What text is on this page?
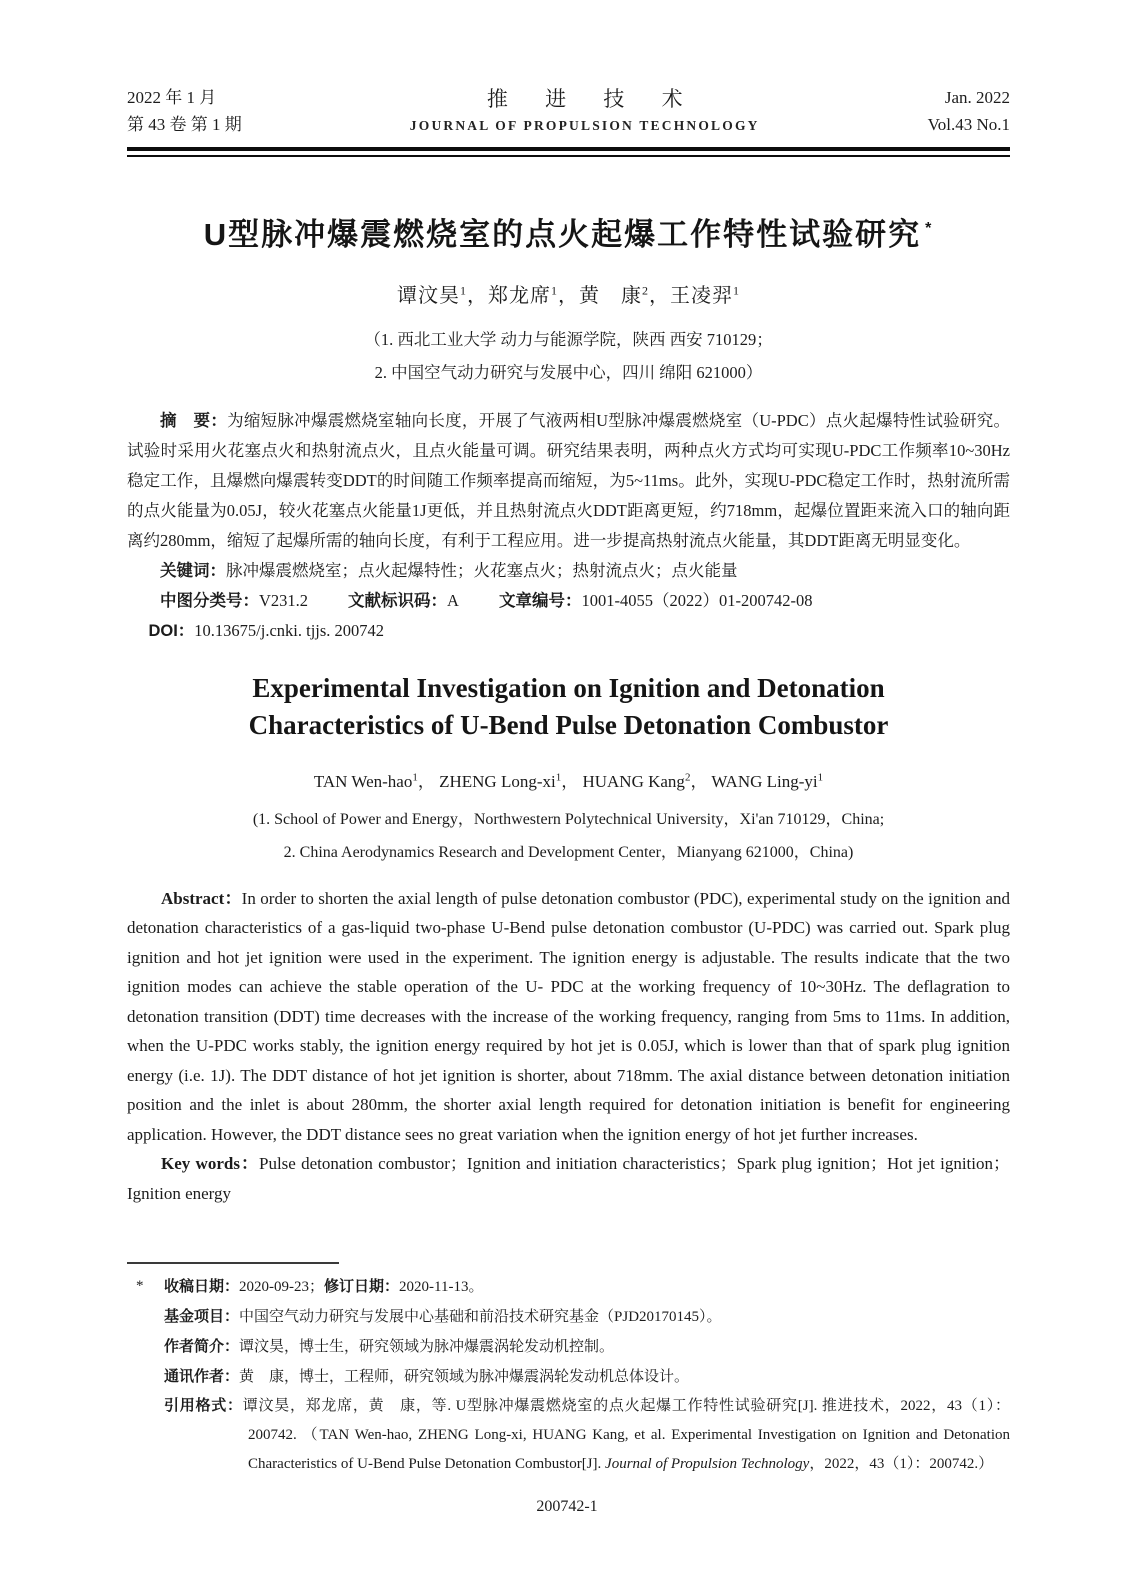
2022 年 1 月
第 43 卷 第 1 期
推 进 技 术
JOURNAL OF PROPULSION TECHNOLOGY
Jan. 2022
Vol.43 No.1
U型脉冲爆震燃烧室的点火起爆工作特性试验研究 *
谭汶昊$^1$，郑龙席$^1$，黄　康$^2$，王凌羿$^1$
（1. 西北工业大学 动力与能源学院，陕西 西安 710129；
2. 中国空气动力研究与发展中心，四川 绵阳 621000）

摘　要：为缩短脉冲爆震燃烧室轴向长度，开展了气液两相U型脉冲爆震燃烧室（U-PDC）点火起爆特性试验研究。试验时采用火花塞点火和热射流点火，且点火能量可调。研究结果表明，两种点火方式均可实现U-PDC工作频率10~30Hz稳定工作，且爆燃向爆震转变DDT的时间随工作频率提高而缩短，为5~11ms。此外，实现U-PDC稳定工作时，热射流所需的点火能量为0.05J，较火花塞点火能量1J更低，并且热射流点火DDT距离更短，约718mm，起爆位置距来流入口的轴向距离约280mm，缩短了起爆所需的轴向长度，有利于工程应用。进一步提高热射流点火能量，其DDT距离无明显变化。

关键词：脉冲爆震燃烧室；点火起爆特性；火花塞点火；热射流点火；点火能量

中图分类号：V231.2 文献标识码：A 文章编号：1001-4055（2022）01-200742-08

DOI：10.13675/j.cnki. tjjs. 200742

Experimental Investigation on Ignition and Detonation
Characteristics of U-Bend Pulse Detonation Combustor
TAN Wen-hao$^1$， ZHENG Long-$xi^1$， HUANG Kang$^2$， WANG Ling-$yi^1$
(1. School of Power and Energy，Northwestern Polytechnical University，Xi'an 710129，China;
2. China Aerodynamics Research and Development Center，Mianyang 621000，China)

Abstract：In order to shorten the axial length of pulse detonation combustor (PDC), experimental study on the ignition and detonation characteristics of a gas-liquid two-phase U-Bend pulse detonation combustor (U-PDC) was carried out. Spark plug ignition and hot jet ignition were used in the experiment. The ignition energy is adjustable. The results indicate that the two ignition modes can achieve the stable operation of the U- PDC at the working frequency of 10~30Hz. The deflagration to detonation transition (DDT) time decreases with the increase of the working frequency, ranging from 5ms to 11ms. In addition, when the U-PDC works stably, the ignition energy required by hot jet is 0.05J, which is lower than that of spark plug ignition energy (i.e. 1J). The DDT distance of hot jet ignition is shorter, about 718mm. The axial distance between detonation initiation position and the inlet is about 280mm, the shorter axial length required for detonation initiation is benefit for engineering application. However, the DDT distance sees no great variation when the ignition energy of hot jet further increases.

Key words：Pulse detonation combustor；Ignition and initiation characteristics；Spark plug ignition；Hot jet ignition；Ignition energy

* 收稿日期：2020-09-23；修订日期：2020-11-13。
基金项目：中国空气动力研究与发展中心基础和前沿技术研究基金（PJD20170145）。
作者简介：谭汶昊，博士生，研究领域为脉冲爆震涡轮发动机控制。
通讯作者：黄　康，博士，工程师，研究领域为脉冲爆震涡轮发动机总体设计。
引用格式：谭汶昊，郑龙席，黄　康，等. U型脉冲爆震燃烧室的点火起爆工作特性试验研究[J]. 推进技术，2022，43（1）：200742. （TAN Wen-hao, ZHENG Long-xi, HUANG Kang, et al. Experimental Investigation on Ignition and Detonation Characteristics of U-Bend Pulse Detonation Combustor[J]. Journal of Propulsion Technology，2022，43（1）：200742.）
200742-1
